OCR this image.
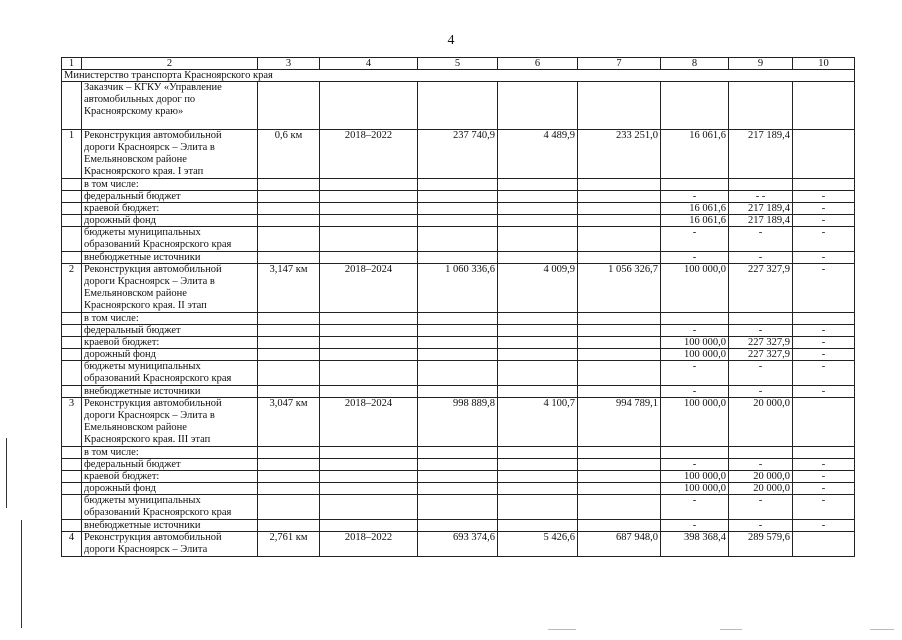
4
1	2	3	4	5	6	7	8	9	10
Министерство транспорта Красноярского края									
	Заказчик – КГКУ «Управление автомобильных дорог по Красноярскому краю»								
1	Реконструкция автомобильной дороги Красноярск – Элита в Емельяновском районе Красноярского края. I этап	0,6 км	2018–2022	237 740,9	4 489,9	233 251,0	16 061,6	217 189,4	
	в том числе:								
	федеральный бюджет						-	- -	-
	краевой бюджет:						16 061,6	217 189,4	-
	дорожный фонд						16 061,6	217 189,4	-
	бюджеты муниципальных образований Красноярского края						-	-	-
	внебюджетные источники						-	-	-
2	Реконструкция автомобильной дороги Красноярск – Элита в Емельяновском районе Красноярского края. II этап	3,147 км	2018–2024	1 060 336,6	4 009,9	1 056 326,7	100 000,0	227 327,9	-
	в том числе:								
	федеральный бюджет						-	-	-
	краевой бюджет:						100 000,0	227 327,9	-
	дорожный фонд						100 000,0	227 327,9	-
	бюджеты муниципальных образований Красноярского края						-	-	-
	внебюджетные источники						-	-	-
3	Реконструкция автомобильной дороги Красноярск – Элита в Емельяновском районе Красноярского края. III этап	3,047 км	2018–2024	998 889,8	4 100,7	994 789,1	100 000,0	20 000,0	
	в том числе:								
	федеральный бюджет						-	-	-
	краевой бюджет:						100 000,0	20 000,0	-
	дорожный фонд						100 000,0	20 000,0	-
	бюджеты муниципальных образований Красноярского края						-	-	-
	внебюджетные источники						-	-	-
4	Реконструкция автомобильной дороги Красноярск – Элита	2,761 км	2018–2022	693 374,6	5 426,6	687 948,0	398 368,4	289 579,6	
